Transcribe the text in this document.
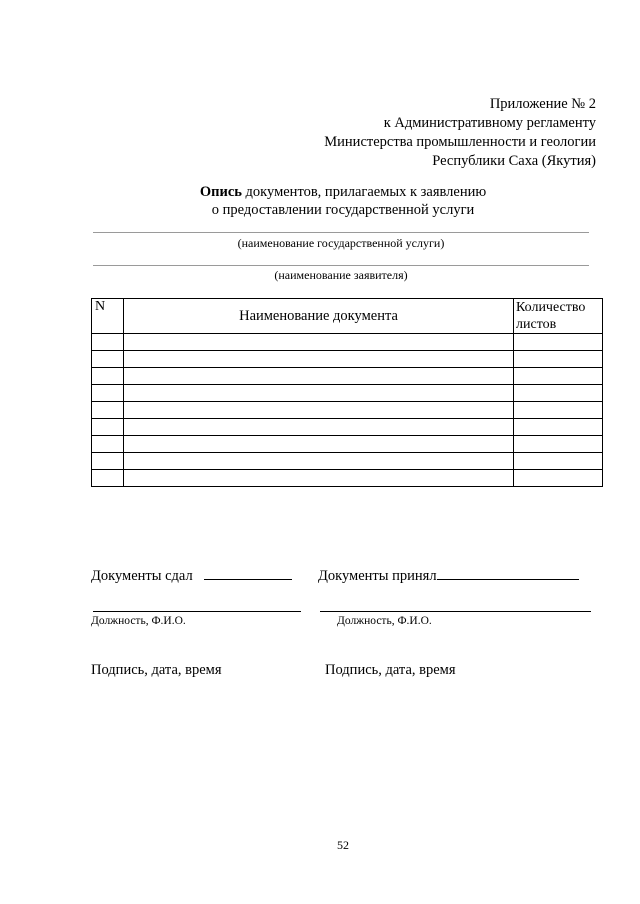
Приложение № 2
к Административному регламенту
Министерства промышленности и геологии
Республики Саха (Якутия)
Опись документов, прилагаемых к заявлению
о предоставлении государственной услуги
(наименование государственной услуги)
(наименование заявителя)
N	Наименование документа	Количество
листов

Документы сдал	Документы принял
Должность, Ф.И.О.	Должность, Ф.И.О.
Подпись, дата, время	Подпись, дата, время
52
